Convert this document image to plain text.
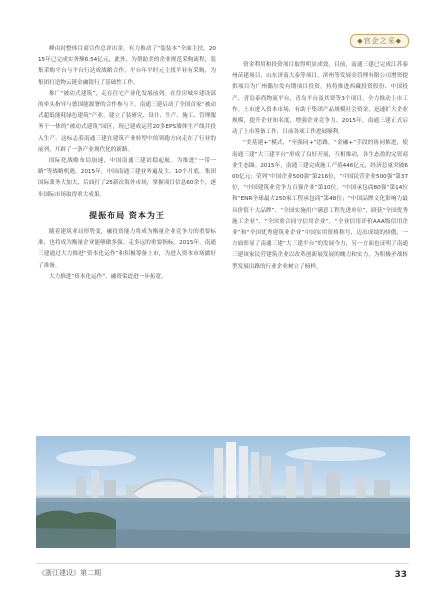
◆官企之采◆

峰由封整体目商合作总评出金。有力推动了“装装本”全面主扶，2015年已完成实务额6.54亿元，此外，为帮助美的企业规范采购流程，装集采购平台与平台行达成战略合作，平台年平时元主找平业有采购，为集团打造物云链金融银行了基础性工作。

推广“被动式建筑”，走在住宅产业化发展前列。在住房城乡建设部的牵头指导与德国能源署的合作参与下，南通三建启动了全国首家“被动式超低能耗绿色建筑”产业，建立了装研究、设计、生产、施工、管理服务于一体的“被动式建筑”园区，现已建成运营20多EPS墙体生产线并投入生产。这标志着南通三建在建筑产业转型中的领跑方向走在了行业的前列，开辟了一条产业现代化的新路。

国际化战略布局加速，中国南通三建站稳起航。为推进“一带一路”等战略机遇，2015年，中国南通三建业务遍及主、10个月底，集团国际業务大加大，后面打了25新次海外市场，掌握项目信息60余个，逐步国际市场取得重大成果。

提振布局 资本为王

随着建筑业局形势变，融投资能力将成为衡量企业竞争力的重要标准，也将成为衡量企业能够做多强、走多远的重要指标。2015年，南通三建通过大力推进“资本化运作”和积极筹备上市，为进入资本市场做好了准备。

大力推进“资本化运作”，融资渠道进一步拓宽。

资金利用和投资项目取得明显成效，目前，南通三建已完成江苏泰州苗建项目，山东济南大泰等项目，滨州等发展金管理有限公司增资提供项目为广州偶尔发有期项目投资，持将推进西藏投资股份、中国投产、青岛泰尚物流平台、青岛平台及其资等3个项目，全力推动上市工作。上市进入资本市场，有助于集团产品规模社会资金，迅速扩大企业规模，提升企业知名度，增强企业竞争力。2015年，南通三建正式启动了上市筹备工作，目前各项工作进展顺利。

“美基建+”模式，“至强同+”思路，“金融+”手段的协同推进，使南通三建“大三建平台”形成了良好开展，互相推动，各生态盈的完资商业生态圈。2015年，南通三建完成施工产值446亿元，经济总量突破600亿元；荣列“中国企业500强”第216位，“中国民营企业500强”第37位，“中国建筑业竞争力百强企业”第10位，“中国承包商80强”第14位和“ENR全球最大250家工程承包商”第48位；“中国品牌文化影响力最具价值十大品牌”、“全国实施用户满意工程先进单位”，跻获“全国优秀施工企业”、“全国重合同守信用企业”，“全业信用评价AAA级信用企业”和“全国优秀建筑业企业”中国实用资格称号，迈出成绩的骄傲，一方面彰显了南通三建“大三建平台”的发展今力，另一方面也证明了南通三建该家民营建筑企业以改革创新展发展的魄力和实力，为积极矛战转型发展出路的行业企业树立了榜样。

《浙江建设》第二期	33
